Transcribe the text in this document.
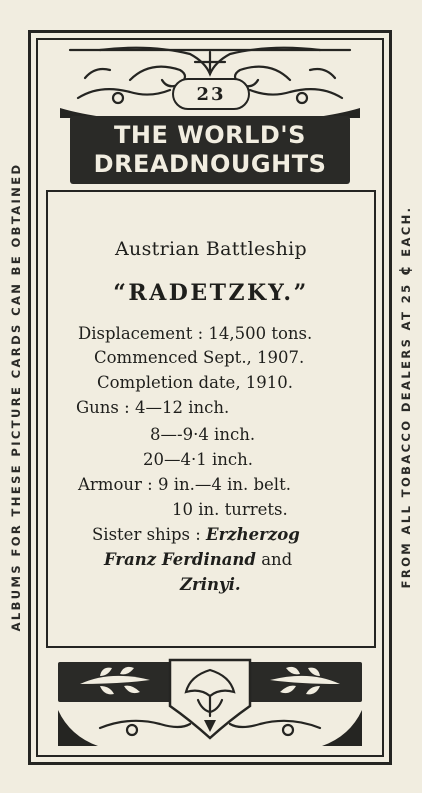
ALBUMS FOR THESE PICTURE CARDS CAN BE OBTAINED	FROM ALL TOBACCO DEALERS AT 25 ¢ EACH.
23
THE WORLD'S
DREADNOUGHTS
Austrian Battleship
“RADETZKY.”
Displacement : 14,500 tons.
Commenced Sept., 1907.
Completion date, 1910.
Guns : 4—12 inch.
8—-9·4 inch.
20—4·1 inch.
Armour : 9 in.—4 in. belt.
10 in. turrets.
Sister ships : Erzherzog
Franz Ferdinand and
Zrinyi.
